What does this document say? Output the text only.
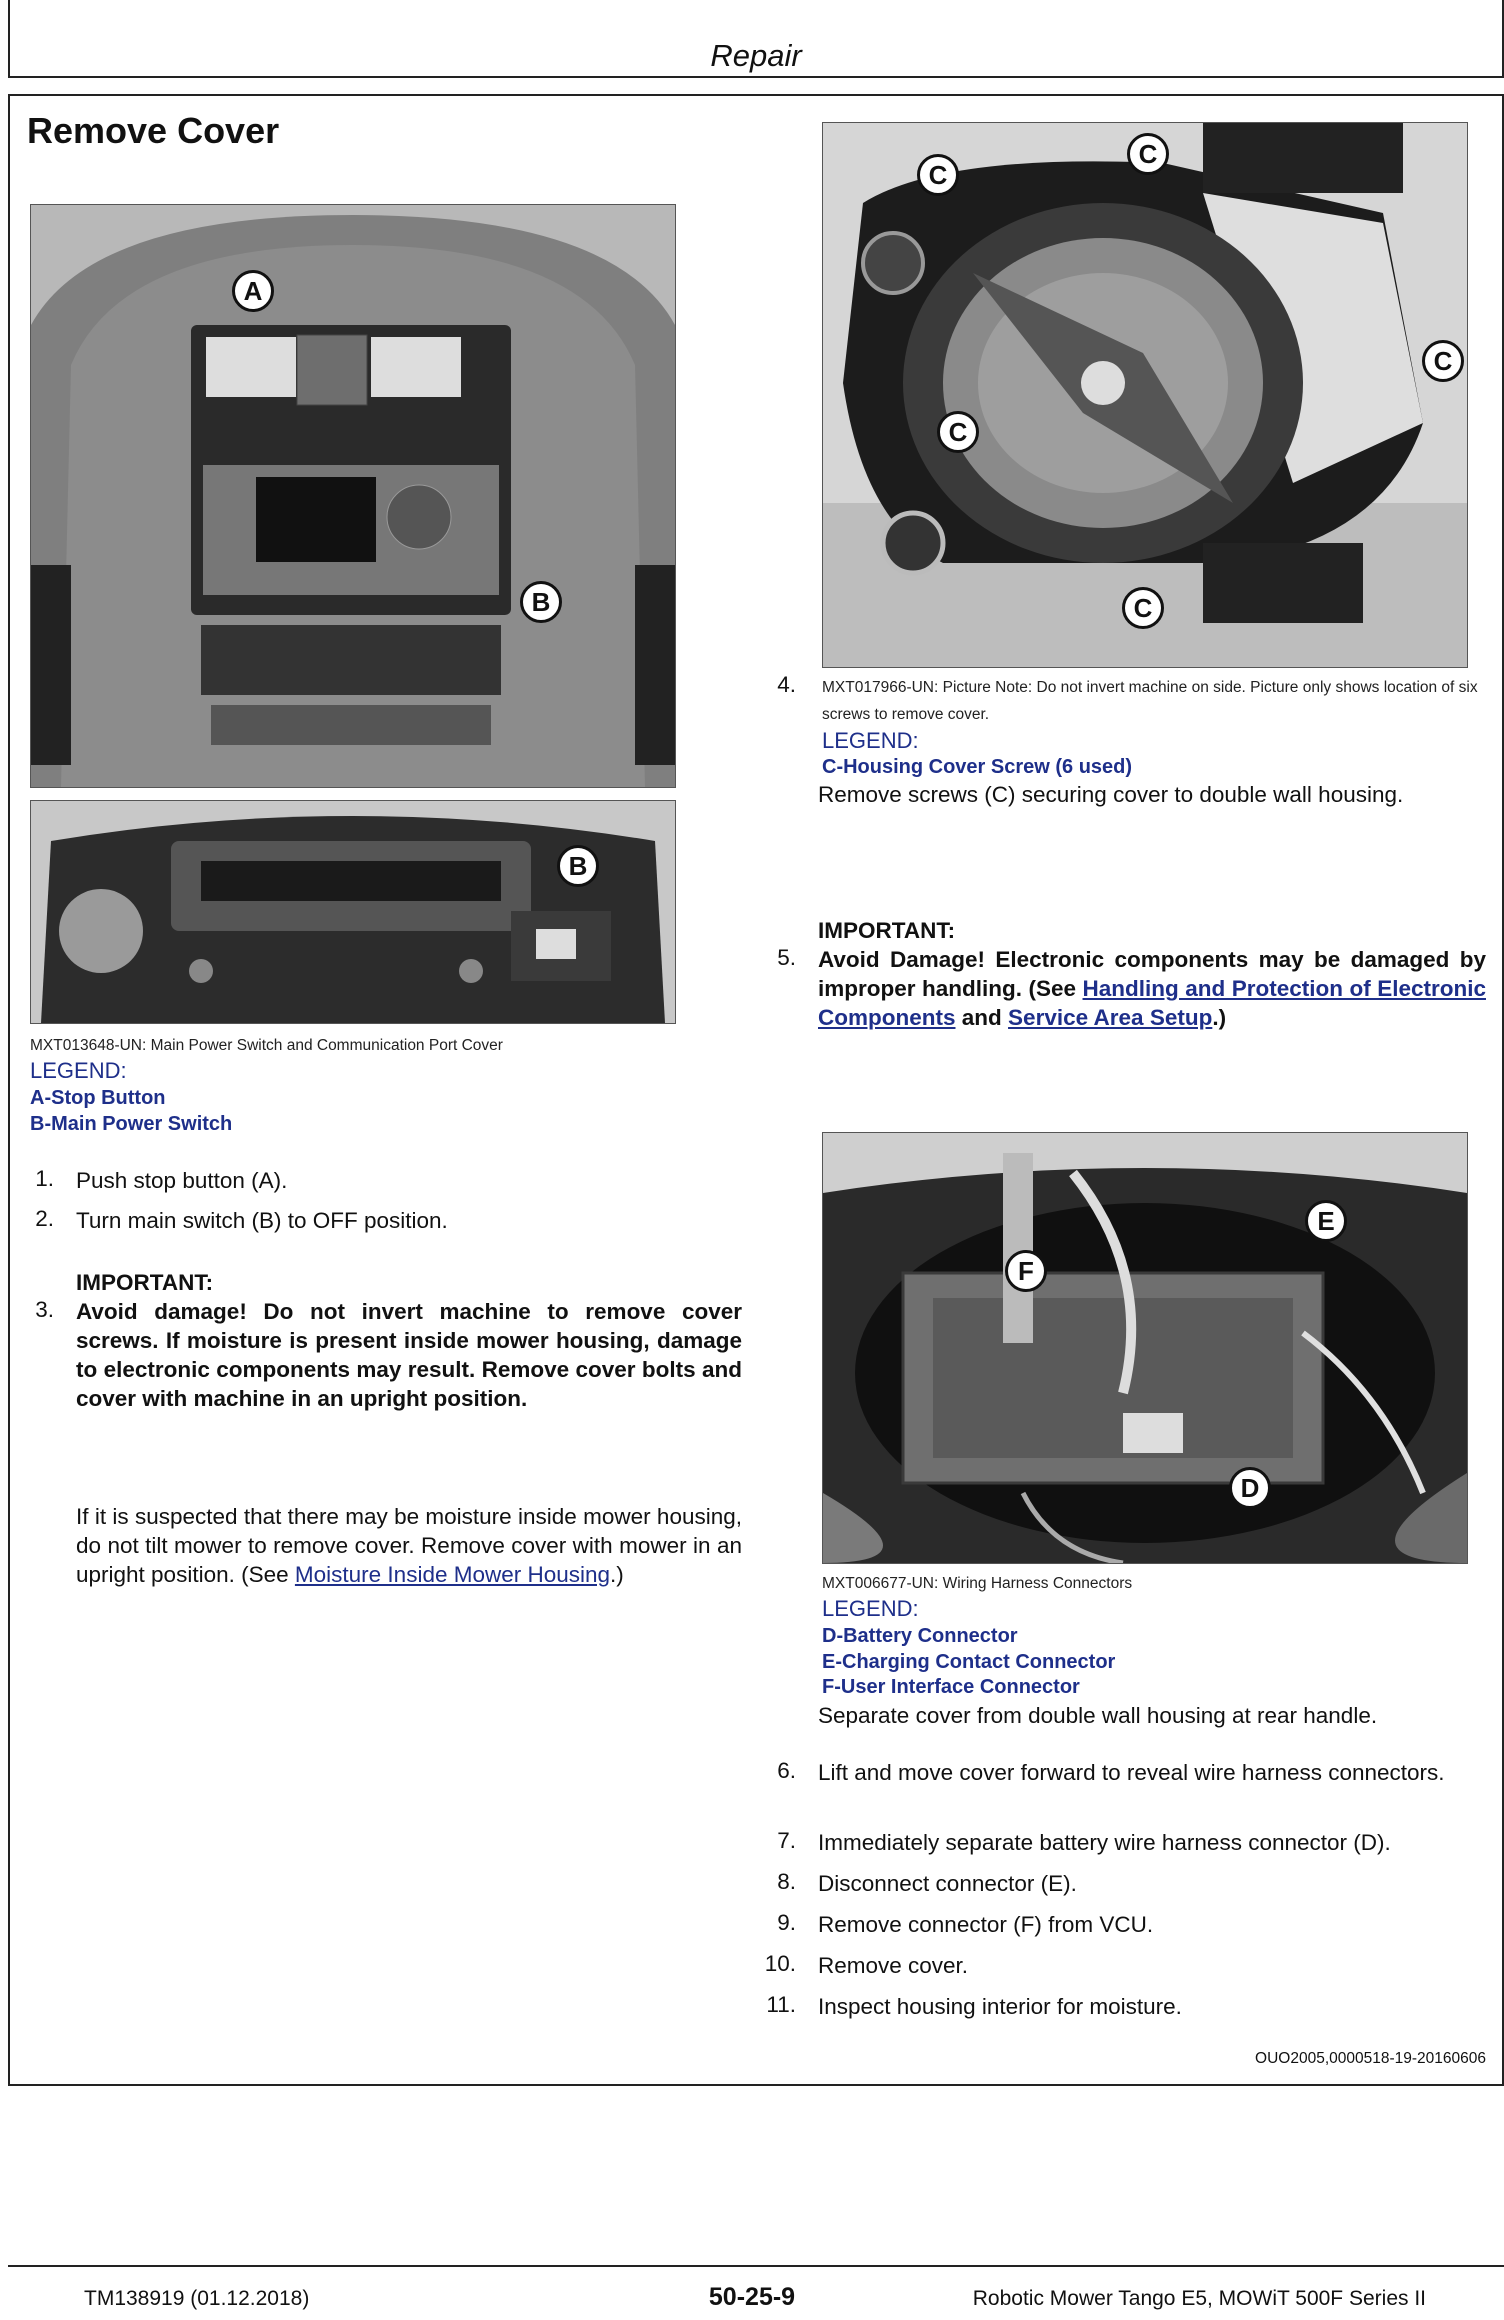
Repair
Remove Cover
A
B
B
MXT013648-UN: Main Power Switch and Communication Port Cover
LEGEND:
A-Stop Button
B-Main Power Switch
1. Push stop button (A).
2. Turn main switch (B) to OFF position.
IMPORTANT:
3. Avoid damage! Do not invert machine to remove cover screws. If moisture is present inside mower housing, damage to electronic components may result. Remove cover bolts and cover with machine in an upright position.
If it is suspected that there may be moisture inside mower housing, do not tilt mower to remove cover. Remove cover with mower in an upright position. (See Moisture Inside Mower Housing.)
C
C
C
C
C
4. MXT017966-UN: Picture Note: Do not invert machine on side. Picture only shows location of six screws to remove cover.
LEGEND:
C-Housing Cover Screw (6 used)
Remove screws (C) securing cover to double wall housing.
IMPORTANT:
5. Avoid Damage! Electronic components may be damaged by improper handling. (See Handling and Protection of Electronic Components and Service Area Setup.)
E
F
D
MXT006677-UN: Wiring Harness Connectors
LEGEND:
D-Battery Connector
E-Charging Contact Connector
F-User Interface Connector
Separate cover from double wall housing at rear handle.
6. Lift and move cover forward to reveal wire harness connectors.
7. Immediately separate battery wire harness connector (D).
8. Disconnect connector (E).
9. Remove connector (F) from VCU.
10. Remove cover.
11. Inspect housing interior for moisture.
OUO2005,0000518-19-20160606
TM138919 (01.12.2018)	50-25-9	Robotic Mower Tango E5, MOWiT 500F Series II
